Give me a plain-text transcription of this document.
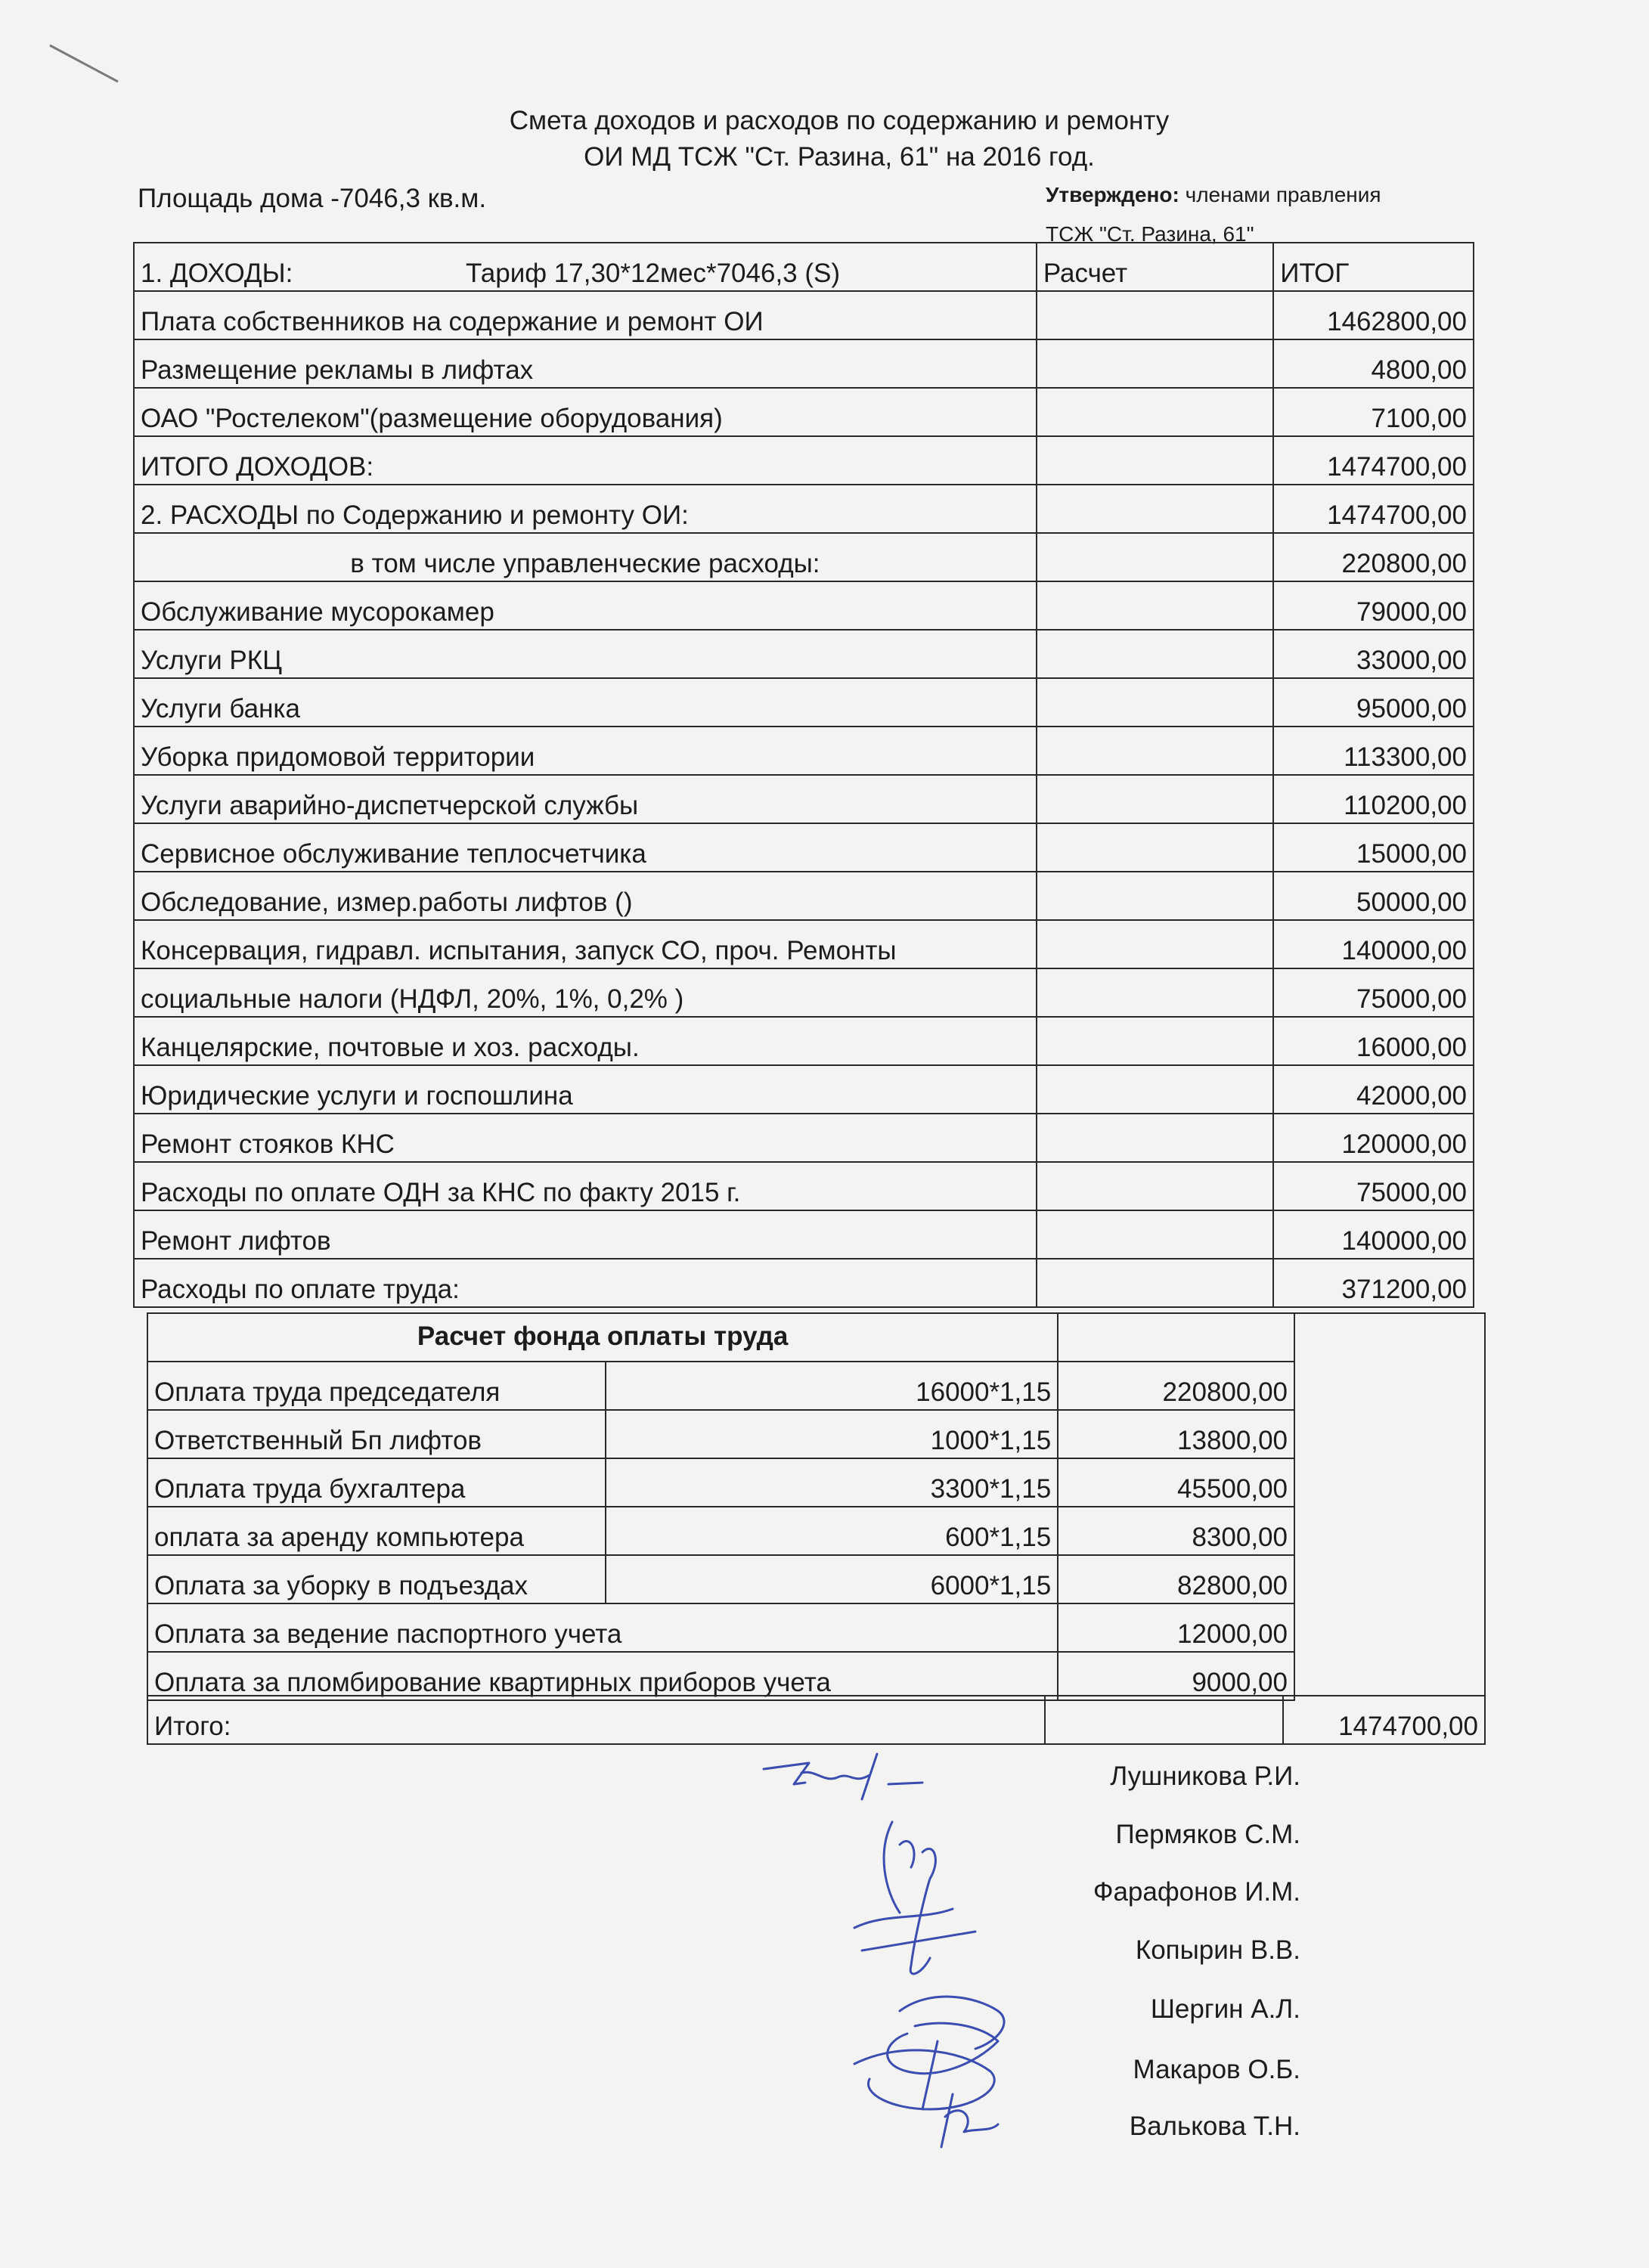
Смета доходов и расходов по содержанию и ремонту
ОИ МД ТСЖ "Ст. Разина, 61" на 2016 год.
Площадь дома -7046,3 кв.м.	Утверждено: членами правления
ТСЖ "Ст. Разина, 61"
1. ДОХОДЫ: Тариф 17,30*12мес*7046,3 (S)	Расчет	ИТОГ
Плата собственников на содержание и ремонт ОИ		1462800,00
Размещение рекламы в лифтах		4800,00
ОАО "Ростелеком"(размещение оборудования)		7100,00
ИТОГО ДОХОДОВ:		1474700,00
2. РАСХОДЫ по Содержанию и ремонту ОИ:		1474700,00
в том числе управленческие расходы:		220800,00
Обслуживание мусорокамер		79000,00
Услуги РКЦ		33000,00
Услуги банка		95000,00
Уборка придомовой территории		113300,00
Услуги аварийно-диспетчерской службы		110200,00
Сервисное обслуживание теплосчетчика		15000,00
Обследование, измер.работы лифтов ()		50000,00
Консервация, гидравл. испытания, запуск СО, проч. Ремонты		140000,00
социальные налоги (НДФЛ, 20%, 1%, 0,2% )		75000,00
Канцелярские, почтовые и хоз. расходы.		16000,00
Юридические услуги и госпошлина		42000,00
Ремонт стояков КНС		120000,00
Расходы по оплате ОДН за КНС по факту 2015 г.		75000,00
Ремонт лифтов		140000,00
Расходы по оплате труда:		371200,00
Расчет фонда оплаты труда		
Оплата труда председателя	16000*1,15	220800,00
Ответственный Бп лифтов	1000*1,15	13800,00
Оплата труда бухгалтера	3300*1,15	45500,00
оплата за аренду компьютера	600*1,15	8300,00
Оплата за уборку в подъездах	6000*1,15	82800,00
Оплата за ведение паспортного учета		12000,00
Оплата за пломбирование квартирных приборов учета		9000,00
Итого:		1474700,00
Лушникова Р.И.
Пермяков С.М.
Фарафонов И.М.
Копырин В.В.
Шергин А.Л.
Макаров О.Б.
Валькова Т.Н.
